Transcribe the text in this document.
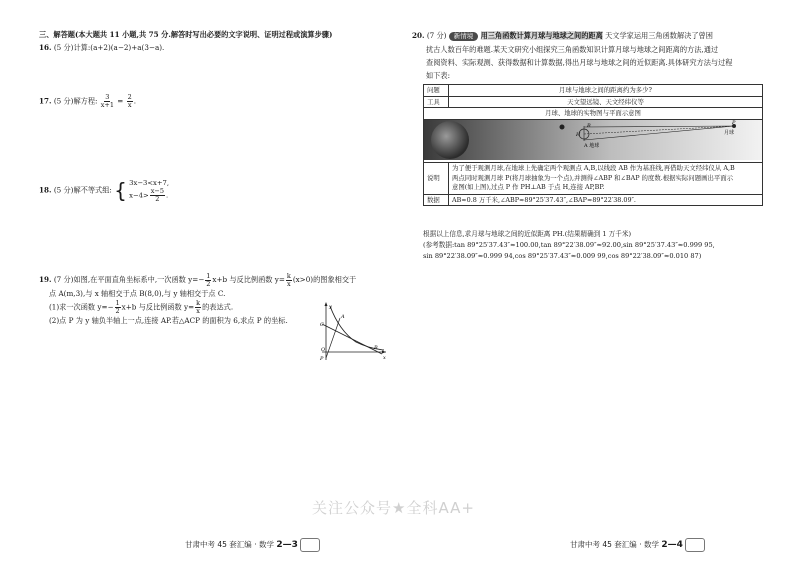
三、解答题(本大题共 11 小题,共 75 分.解答时写出必要的文字说明、证明过程或演算步骤)
16. (5 分)计算:(a+2)(a−2)+a(3−a).
17. (5 分)解方程: $\frac{3}{x+1} = \frac{2}{x}$ .
18. (5 分)解不等式组: { 3x−3<x+7,
$x-4> \frac{x-5}{2}$ .
19. (7 分)如图,在平面直角坐标系中,一次函数 $y=- \frac{1}{2} x+b$ 与反比例函数 $y= \frac{k}{x} (x>0)$的图象相交于
点 A(m,3),与 x 轴相交于点 B(8,0),与 y 轴相交于点 C.
(1)求一次函数 $y=- \frac{1}{2} x+b$ 与反比例函数 $y= \frac{k}{x}$ 的表达式.
(2)点 P 为 y 轴负半轴上一点,连接 AP.若△ACP 的面积为 6,求点 P 的坐标.	A
C
O	B
P	x
y
甘肃中考 45 套汇编 · 数学 2—3
20. (7 分) 新情境 用三角函数计算月球与地球之间的距离 天文学家运用三角函数解决了曾困
扰古人数百年的难题.某天文研究小组探究三角函数知识计算月球与地球之间距离的方法,通过
查阅资料、实际观测、获得数据和计算数据,得出月球与地球之间的近似距离.具体研究方法与过程
如下表:
问题	月球与地球之间的距离约为多少?
工具	天文望远镜、天文经纬仪等
月球、地球的实物图与平面示意图	

B
H
A 地球
P
月球	

说明	为了便于观测月球,在地球上先确定两个观测点 A,B,以线段 AB 作为基准线,再借助天文经纬仪从 A,B
两点同时观测月球 P(将月球抽象为一个点),并测得∠ABP 和∠BAP 的度数.根据实际问题画出平面示
意图(如上图),过点 P 作 PH⊥AB 于点 H,连接 AP,BP.

数据	AB≈0.8 万千米,∠ABP≈89°25′37.43″,∠BAP≈89°22′38.09″.
根据以上信息,求月球与地球之间的近似距离 PH.(结果精确到 1 万千米)
(参考数据:tan 89°25′37.43″≈100.00,tan 89°22′38.09″≈92.00,sin 89°25′37.43″≈0.999 95,
sin 89°22′38.09″≈0.999 94,cos 89°25′37.43″≈0.009 99,cos 89°22′38.09″≈0.010 87)
关注公众号★全科AA+
甘肃中考 45 套汇编 · 数学 2—4
